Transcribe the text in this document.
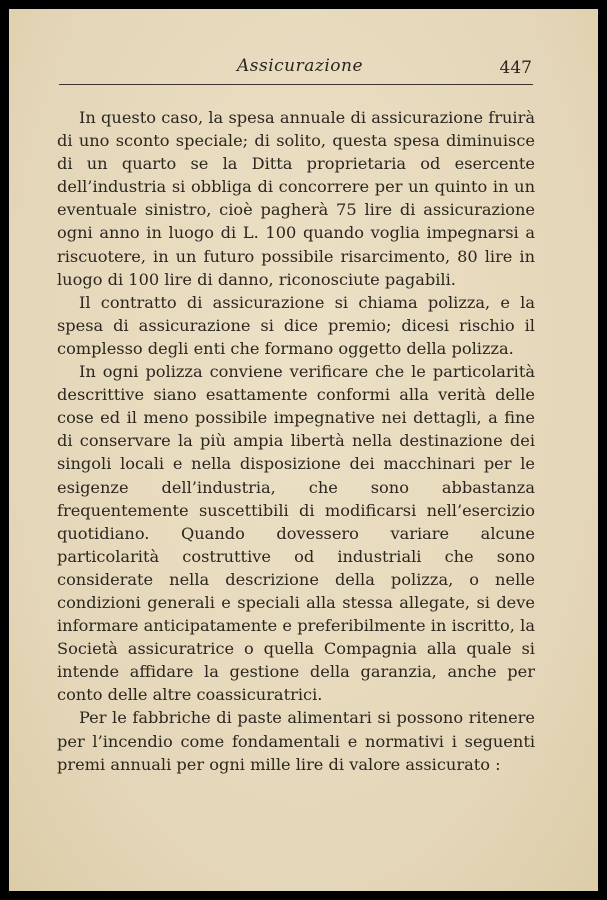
Assicurazione	447

In questo caso, la spesa annuale di assicurazione fruirà di uno sconto speciale; di solito, questa spesa diminuisce di un quarto se la Ditta proprietaria od esercente dell’industria si obbliga di concorrere per un quinto in un eventuale sinistro, cioè pagherà 75 lire di assicurazione ogni anno in luogo di L. 100 quando voglia impegnarsi a riscuotere, in un futuro possibile risarcimento, 80 lire in luogo di 100 lire di danno, riconosciute pagabili.

Il contratto di assicurazione si chiama polizza, e la spesa di assicurazione si dice premio; dicesi rischio il complesso degli enti che formano oggetto della polizza.

In ogni polizza conviene verificare che le particolarità descrittive siano esattamente conformi alla verità delle cose ed il meno possibile impegnative nei dettagli, a fine di conservare la più ampia libertà nella destinazione dei singoli locali e nella disposizione dei macchinari per le esigenze dell’industria, che sono abbastanza frequentemente suscettibili di modificarsi nell’esercizio quotidiano. Quando dovessero variare alcune particolarità costruttive od industriali che sono considerate nella descrizione della polizza, o nelle condizioni generali e speciali alla stessa allegate, si deve informare anticipatamente e preferibilmente in iscritto, la Società assicuratrice o quella Compagnia alla quale si intende affidare la gestione della garanzia, anche per conto delle altre coassicuratrici.

Per le fabbriche di paste alimentari si possono ritenere per l’incendio come fondamentali e normativi i seguenti premi annuali per ogni mille lire di valore assicurato :
